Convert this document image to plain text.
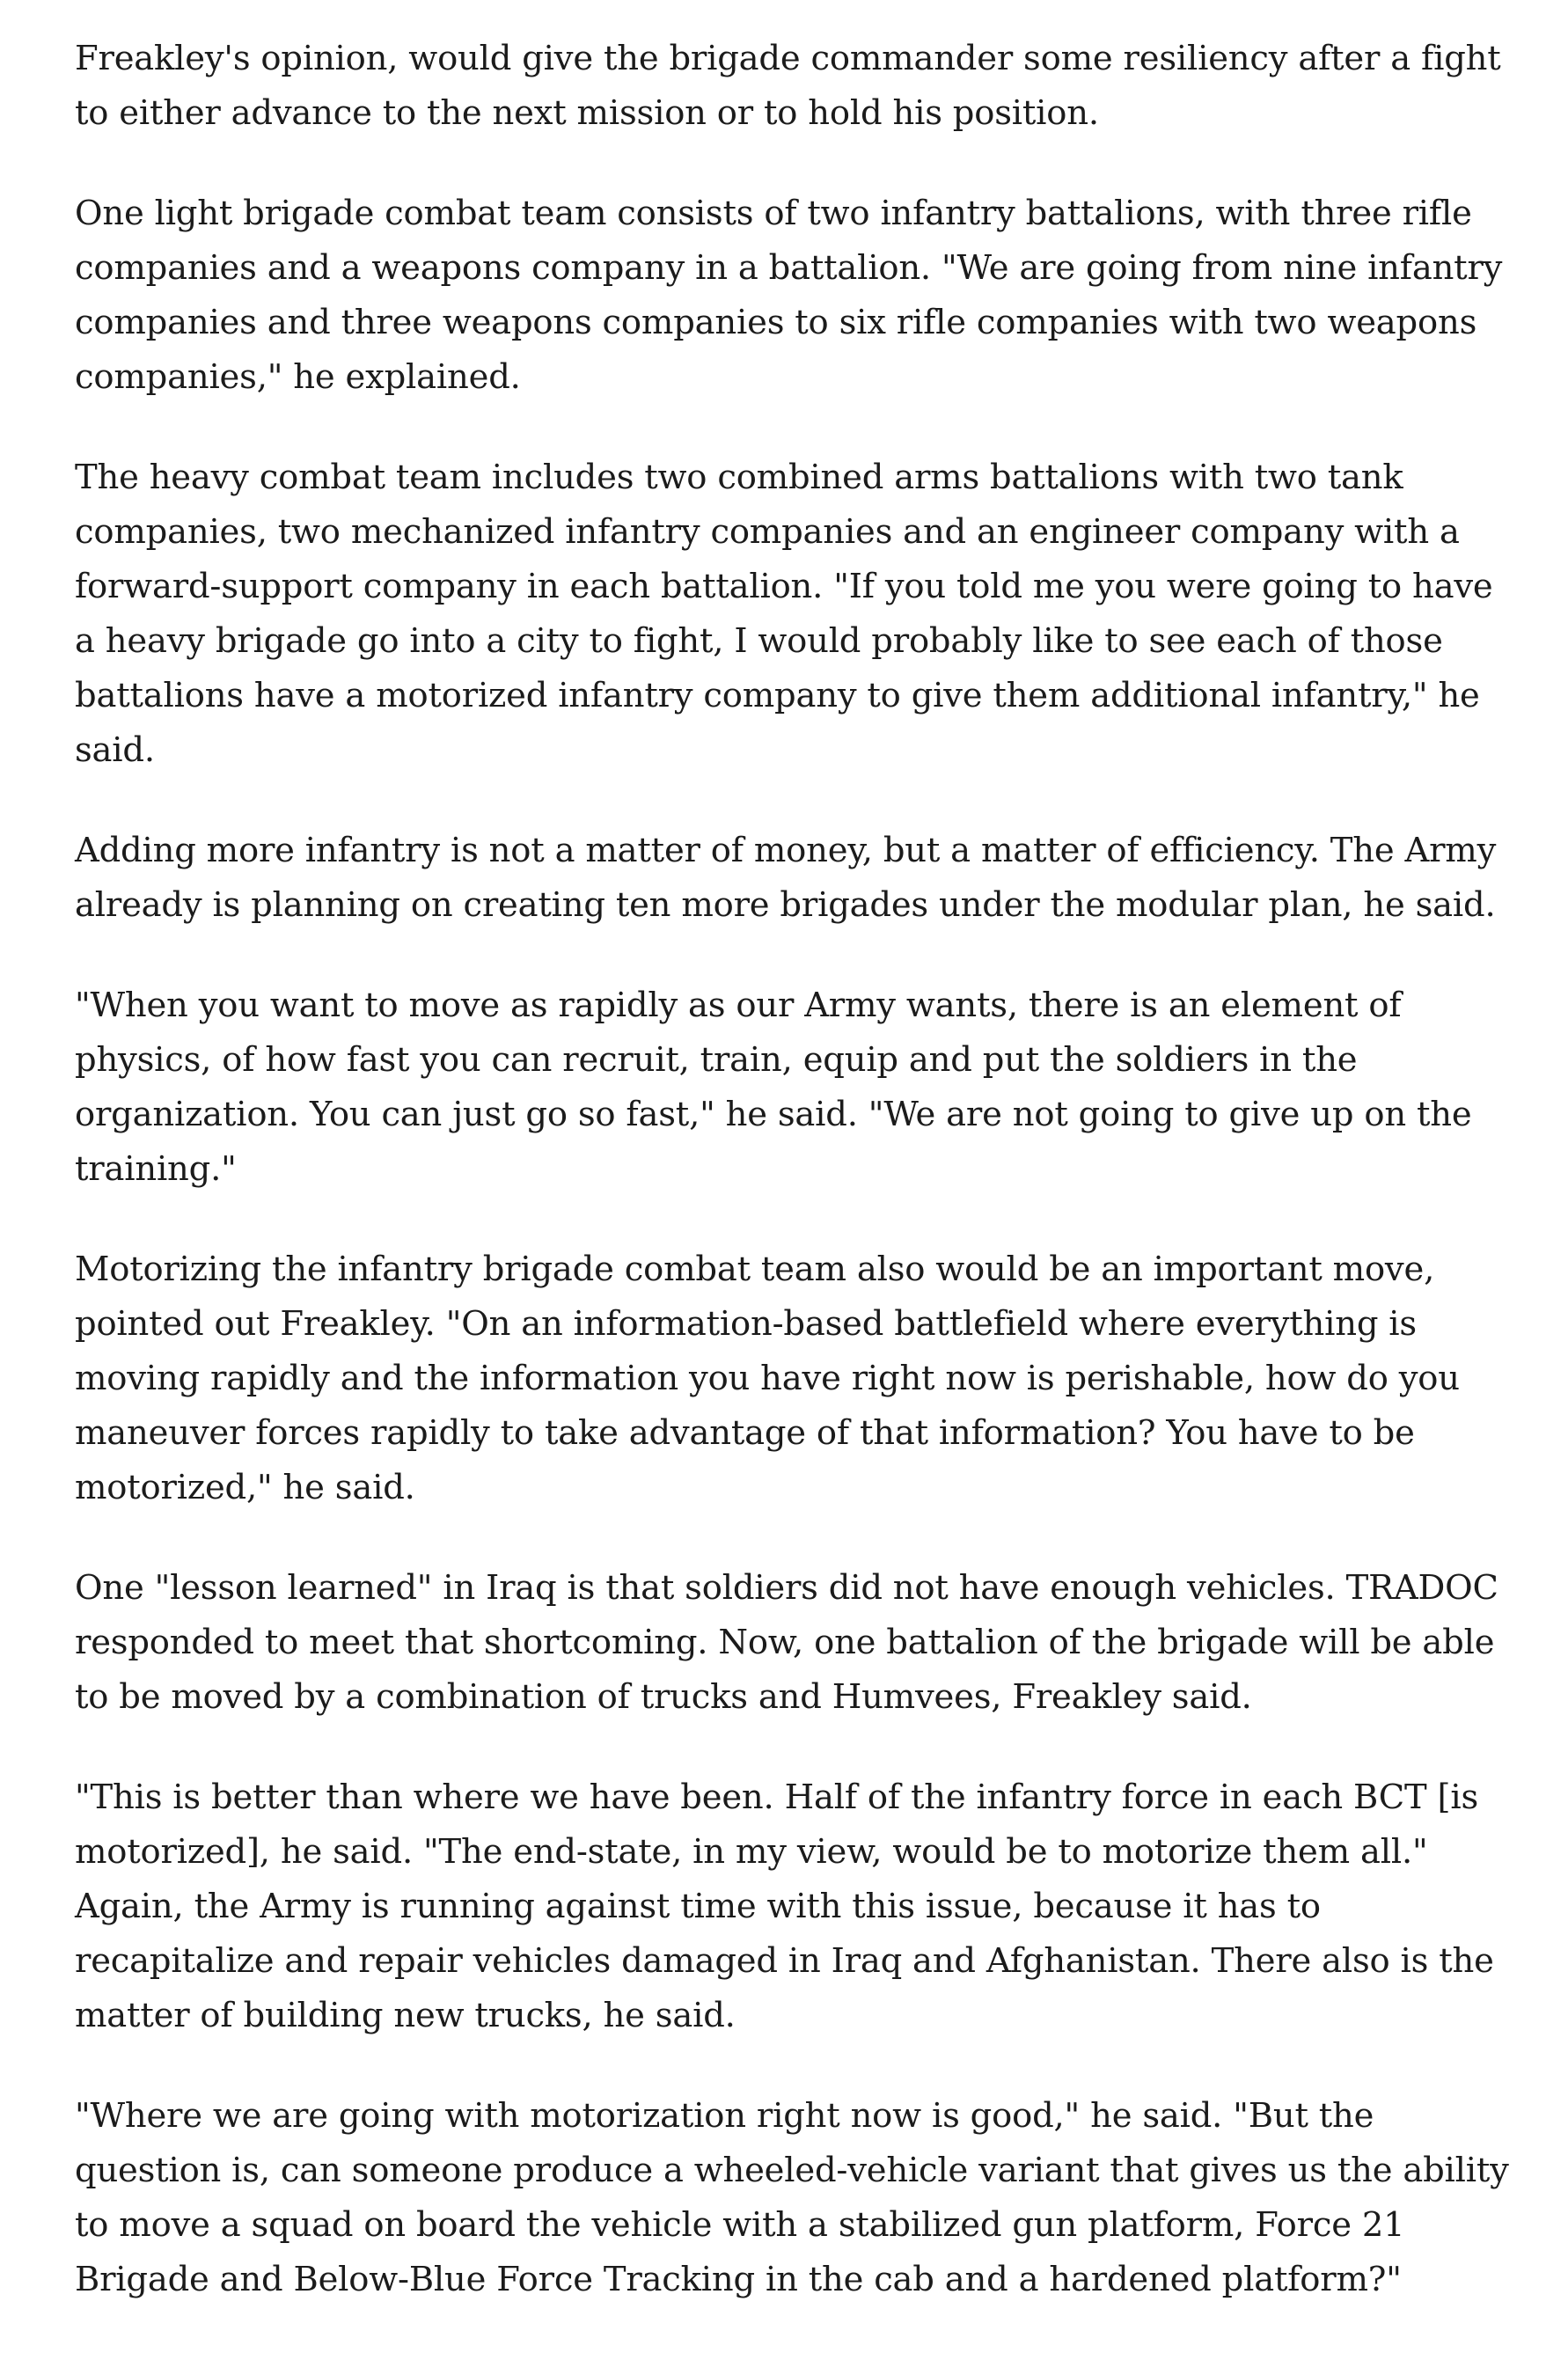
Freakley's opinion, would give the brigade commander some resiliency after a fight to either advance to the next mission or to hold his position.

One light brigade combat team consists of two infantry battalions, with three rifle companies and a weapons company in a battalion. "We are going from nine infantry companies and three weapons companies to six rifle companies with two weapons companies," he explained.

The heavy combat team includes two combined arms battalions with two tank companies, two mechanized infantry companies and an engineer company with a forward-support company in each battalion. "If you told me you were going to have a heavy brigade go into a city to fight, I would probably like to see each of those battalions have a motorized infantry company to give them additional infantry," he said.

Adding more infantry is not a matter of money, but a matter of efficiency. The Army already is planning on creating ten more brigades under the modular plan, he said.

"When you want to move as rapidly as our Army wants, there is an element of physics, of how fast you can recruit, train, equip and put the soldiers in the organization. You can just go so fast," he said. "We are not going to give up on the training."

Motorizing the infantry brigade combat team also would be an important move, pointed out Freakley. "On an information-based battlefield where everything is moving rapidly and the information you have right now is perishable, how do you maneuver forces rapidly to take advantage of that information? You have to be motorized," he said.

One "lesson learned" in Iraq is that soldiers did not have enough vehicles. TRADOC responded to meet that shortcoming. Now, one battalion of the brigade will be able to be moved by a combination of trucks and Humvees, Freakley said.

"This is better than where we have been. Half of the infantry force in each BCT [is motorized], he said. "The end-state, in my view, would be to motorize them all." Again, the Army is running against time with this issue, because it has to recapitalize and repair vehicles damaged in Iraq and Afghanistan. There also is the matter of building new trucks, he said.

"Where we are going with motorization right now is good," he said. "But the question is, can someone produce a wheeled-vehicle variant that gives us the ability to move a squad on board the vehicle with a stabilized gun platform, Force 21 Brigade and Below-Blue Force Tracking in the cab and a hardened platform?"
